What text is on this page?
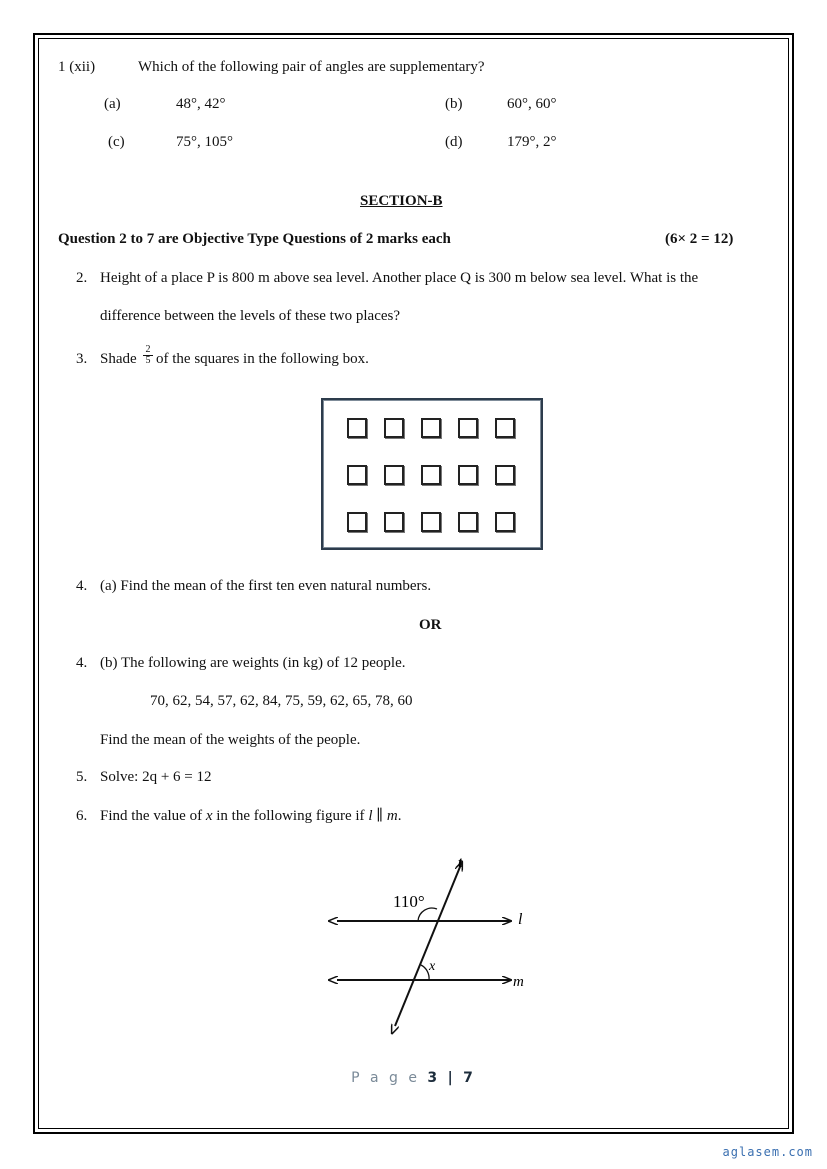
1 (xii)	Which of the following pair of angles are supplementary?
(a)	48°, 42°	(b)	60°, 60°
(c)	75°, 105°	(d)	179°, 2°
SECTION-B
Question 2 to 7 are Objective Type Questions of 2 marks each	(6× 2 = 12)
2. Height of a place P is 800 m above sea level. Another place Q is 300 m below sea level. What is the
difference between the levels of these two places?
3. Shade $\frac{2}{5}$ of the squares in the following box.
4. (a) Find the mean of the first ten even natural numbers.
OR
4. (b) The following are weights (in kg) of 12 people.
70, 62, 54, 57, 62, 84, 75, 59, 62, 65, 78, 60
Find the mean of the weights of the people.
5. Solve: 2q + 6 = 12
6. Find the value of x in the following figure if l ∥ m.
110°
x
t
l
m
P a g e 3 | 7
aglasem.com
